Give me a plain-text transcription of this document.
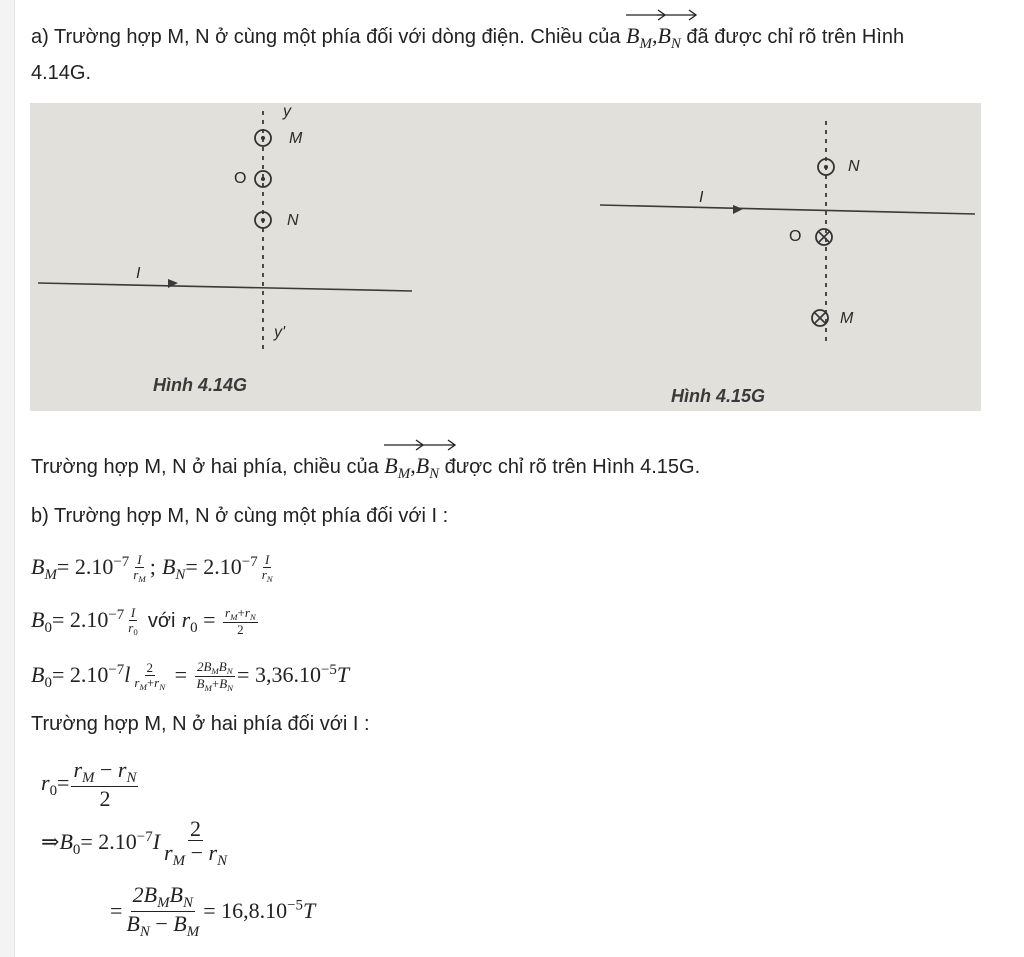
a) Trường hợp M, N ở cùng một phía đối với dòng điện. Chiều của $B_M$,
$B_N$ đã được chỉ rõ trên Hình
4.14G.
y
M
O
N
I
y'
Hình 4.14G
N
I
O
M
Hình 4.15G
Trường hợp M, N ở hai phía, chiều của $B_M$,
$B_N$ được chỉ rõ trên Hình 4.15G.
b) Trường hợp M, N ở cùng một phía đối với I :
$B_M= 2.10^{-7} \frac{I}{r_M}$ ; $B_N= 2.10^{-7} \frac{I}{r_N}$
$B_0= 2.10^{-7} \frac{I}{r_0}$ với $r_0 = \frac{r_M+r_N}{2}$
$B_0= 2.10^{-7}l \frac{2}{r_M+r_N} = \frac{2B_MB_N}{B_M+B_N} = 3,36.10^{-5}T$
Trường hợp M, N ở hai phía đối với I :
$r_0= \frac{r_M - r_N}{2}$
$\Rightarrow B_0= 2.10^{-7}I \frac{2}{r_M - r_N}$
= $\frac{2B_MB_N}{B_N - B_M} = 16,8.10^{-5}T$
